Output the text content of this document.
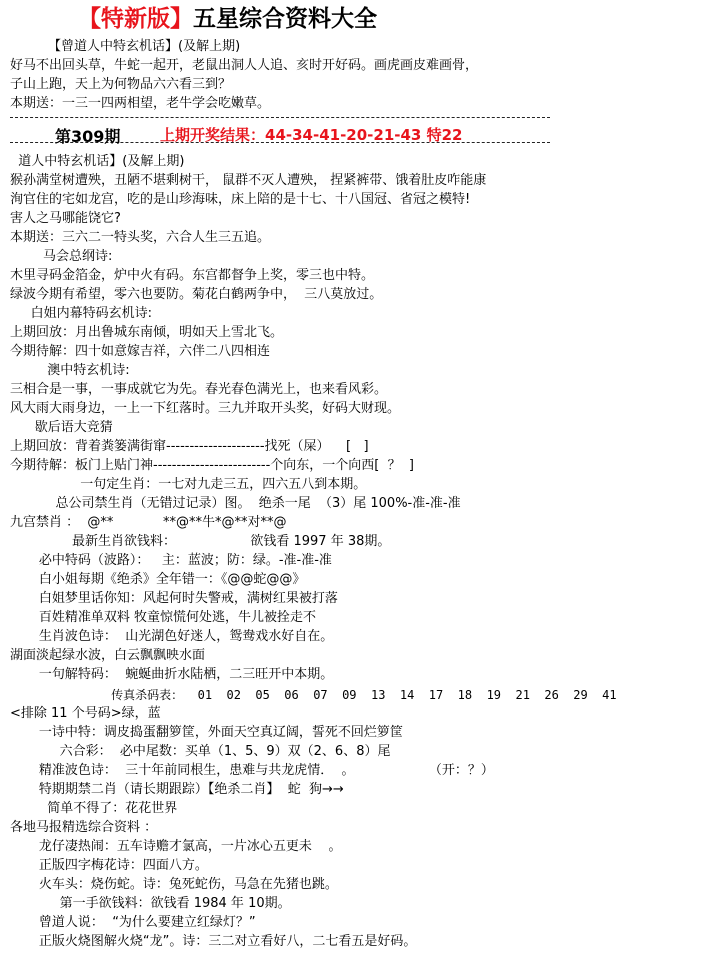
【特新版】五星综合资料大全
【曾道人中特玄机话】(及解上期)
好马不出回头草，牛蛇一起开，老鼠出洞人人追、亥时开好码。画虎画皮难画骨，
子山上跑，天上为何物品六六看三到？
本期送：一三一四两相望，老牛学会吃嫩草。
第309期	上期开奖结果：44-34-41-20-21-43 特22
道人中特玄机话】(及解上期)
猴孙满堂树遭殃，丑陋不堪剩树干， 鼠群不灭人遭殃， 捏紧裤带、饿着肚皮咋能康
洵官住的宅如龙宫，吃的是山珍海味，床上陪的是十七、十八国冠、省冠之模特!
害人之马哪能饶它?
本期送：三六二一特头奖，六合人生三五追。
马会总纲诗:
木里寻码金箔金，炉中火有码。东宫都督争上奖，零三也中特。
绿波今期有希望，零六也要防。菊花白鹤两争中，  三八莫放过。
白姐内幕特码玄机诗:
上期回放：月出鲁城东南倾，明如天上雪北飞。
今期待解：四十如意嫁吉祥，六伴二八四相连
澳中特玄机诗:
三相合是一事，一事成就它为先。春光春色满光上，也来看风彩。
风大雨大雨身边，一上一下红落时。三九并取开头奖，好码大财现。
歇后语大竞猜
上期回放：背着粪篓满街窜---------------------找死（屎）    [   ]
今期待解：板门上贴门神-------------------------个向东，一个向西[  ？  ]
一句定生肖：一七对九走三五，四六五八到本期。
总公司禁生肖（无错过记录）图。  绝杀一尾  （3）尾 100%-准-准-准
九宫禁肖 ：  @**            **@**牛*@**对**@
最新生肖欲钱料：                  欲钱看 1997 年 38期。
必中特码（波路）：   主：蓝波；防：绿。-准-准-准
白小姐每期《绝杀》全年错一：《@@蛇@@》
白姐梦里话你知：风起何时失警戒，满树红果被打落
百姓精准单双料 牧童惊慌何处逃，牛儿被拴走不
生肖波色诗：  山光湖色好迷人，鸳鸯戏水好自在。
湖面淡起绿水波，白云飘飘映水面
一句解特码：  蜿蜒曲折水陆栖，二三旺开中本期。
传真杀码表：  01  02  05  06  07  09  13  14  17  18  19  21  26  29  41
<排除 11 个号码>绿，蓝
一诗中特：调皮捣蛋翻箩筐，外面天空真辽阔，誓死不回烂箩筐
六合彩：  必中尾数：买单（1、5、9）双（2、6、8）尾
精准波色诗：  三十年前同根生，患难与共龙虎情．  。                  （开：？）
特期期禁二肖（请长期跟踪）【绝杀二肖】  蛇  狗→→
简单不得了：花花世界
各地马报精选综合资料 ：
龙仔凄热闹：五车诗赡才氯高，一片冰心五更未    。
正版四字梅花诗：四面八方。
火车头：烧伤蛇。诗：兔死蛇伤，马急在先猪也跳。
第一手欲钱料：欲钱看 1984 年 10期。
曾道人说：  “为什么要建立红绿灯？”
正版火烧图解火烧“龙”。诗：三二对立看好八，二七看五是好码。
